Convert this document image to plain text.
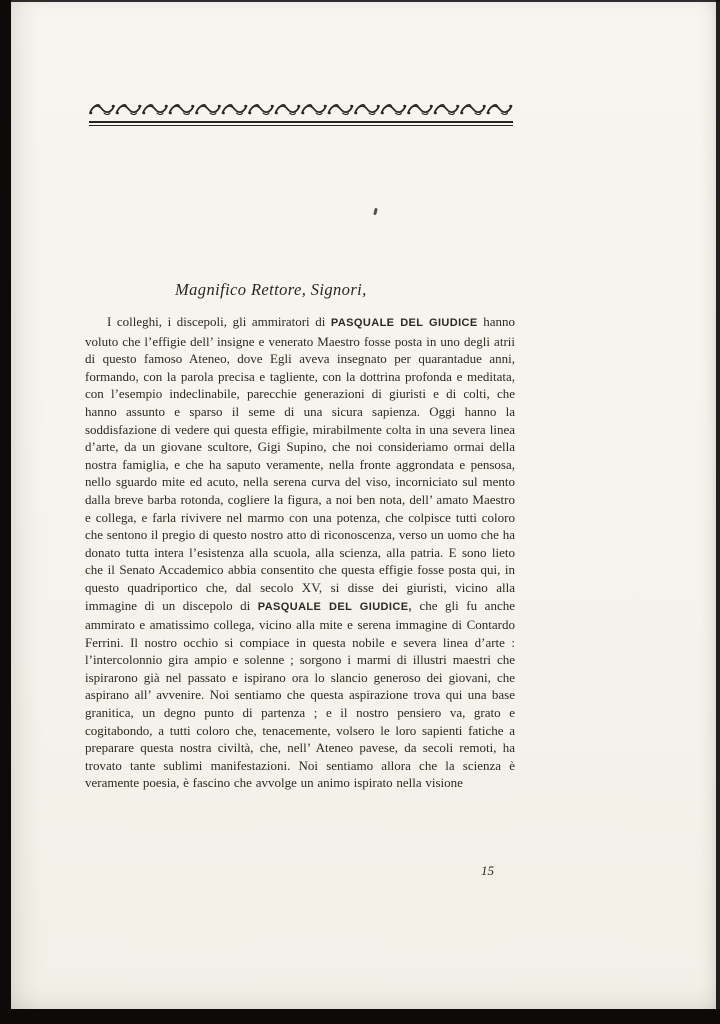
Magnifico Rettore, Signori,

I colleghi, i discepoli, gli ammiratori di PASQUALE DEL GIUDICE hanno voluto che l’effigie dell’ insigne e venerato Maestro fosse posta in uno degli atrii di questo famoso Ateneo, dove Egli aveva insegnato per quarantadue anni, formando, con la parola precisa e tagliente, con la dottrina profonda e meditata, con l’esempio indeclinabile, parecchie generazioni di giuristi e di colti, che hanno assunto e sparso il seme di una sicura sapienza. Oggi hanno la soddisfazione di vedere qui questa effigie, mirabilmente colta in una severa linea d’arte, da un giovane scultore, Gigi Supino, che noi consideriamo ormai della nostra famiglia, e che ha saputo veramente, nella fronte aggrondata e pensosa, nello sguardo mite ed acuto, nella serena curva del viso, incorniciato sul mento dalla breve barba rotonda, cogliere la figura, a noi ben nota, dell’ amato Maestro e collega, e farla rivivere nel marmo con una potenza, che colpisce tutti coloro che sentono il pregio di questo nostro atto di riconoscenza, verso un uomo che ha donato tutta intera l’esistenza alla scuola, alla scienza, alla patria. E sono lieto che il Senato Accademico abbia consentito che questa effigie fosse posta qui, in questo quadriportico che, dal secolo XV, si disse dei giuristi, vicino alla immagine di un discepolo di PASQUALE DEL GIUDICE, che gli fu anche ammirato e amatissimo collega, vicino alla mite e serena immagine di Contardo Ferrini. Il nostro occhio si compiace in questa nobile e severa linea d’arte : l’intercolonnio gira ampio e solenne ; sorgono i marmi di illustri maestri che ispirarono già nel passato e ispirano ora lo slancio generoso dei giovani, che aspirano all’ avvenire. Noi sentiamo che questa aspirazione trova qui una base granitica, un degno punto di partenza ; e il nostro pensiero va, grato e cogitabondo, a tutti coloro che, tenacemente, volsero le loro sapienti fatiche a preparare questa nostra civiltà, che, nell’ Ateneo pavese, da secoli remoti, ha trovato tante sublimi manifestazioni. Noi sentiamo allora che la scienza è veramente poesia, è fascino che avvolge un animo ispirato nella visione

15
